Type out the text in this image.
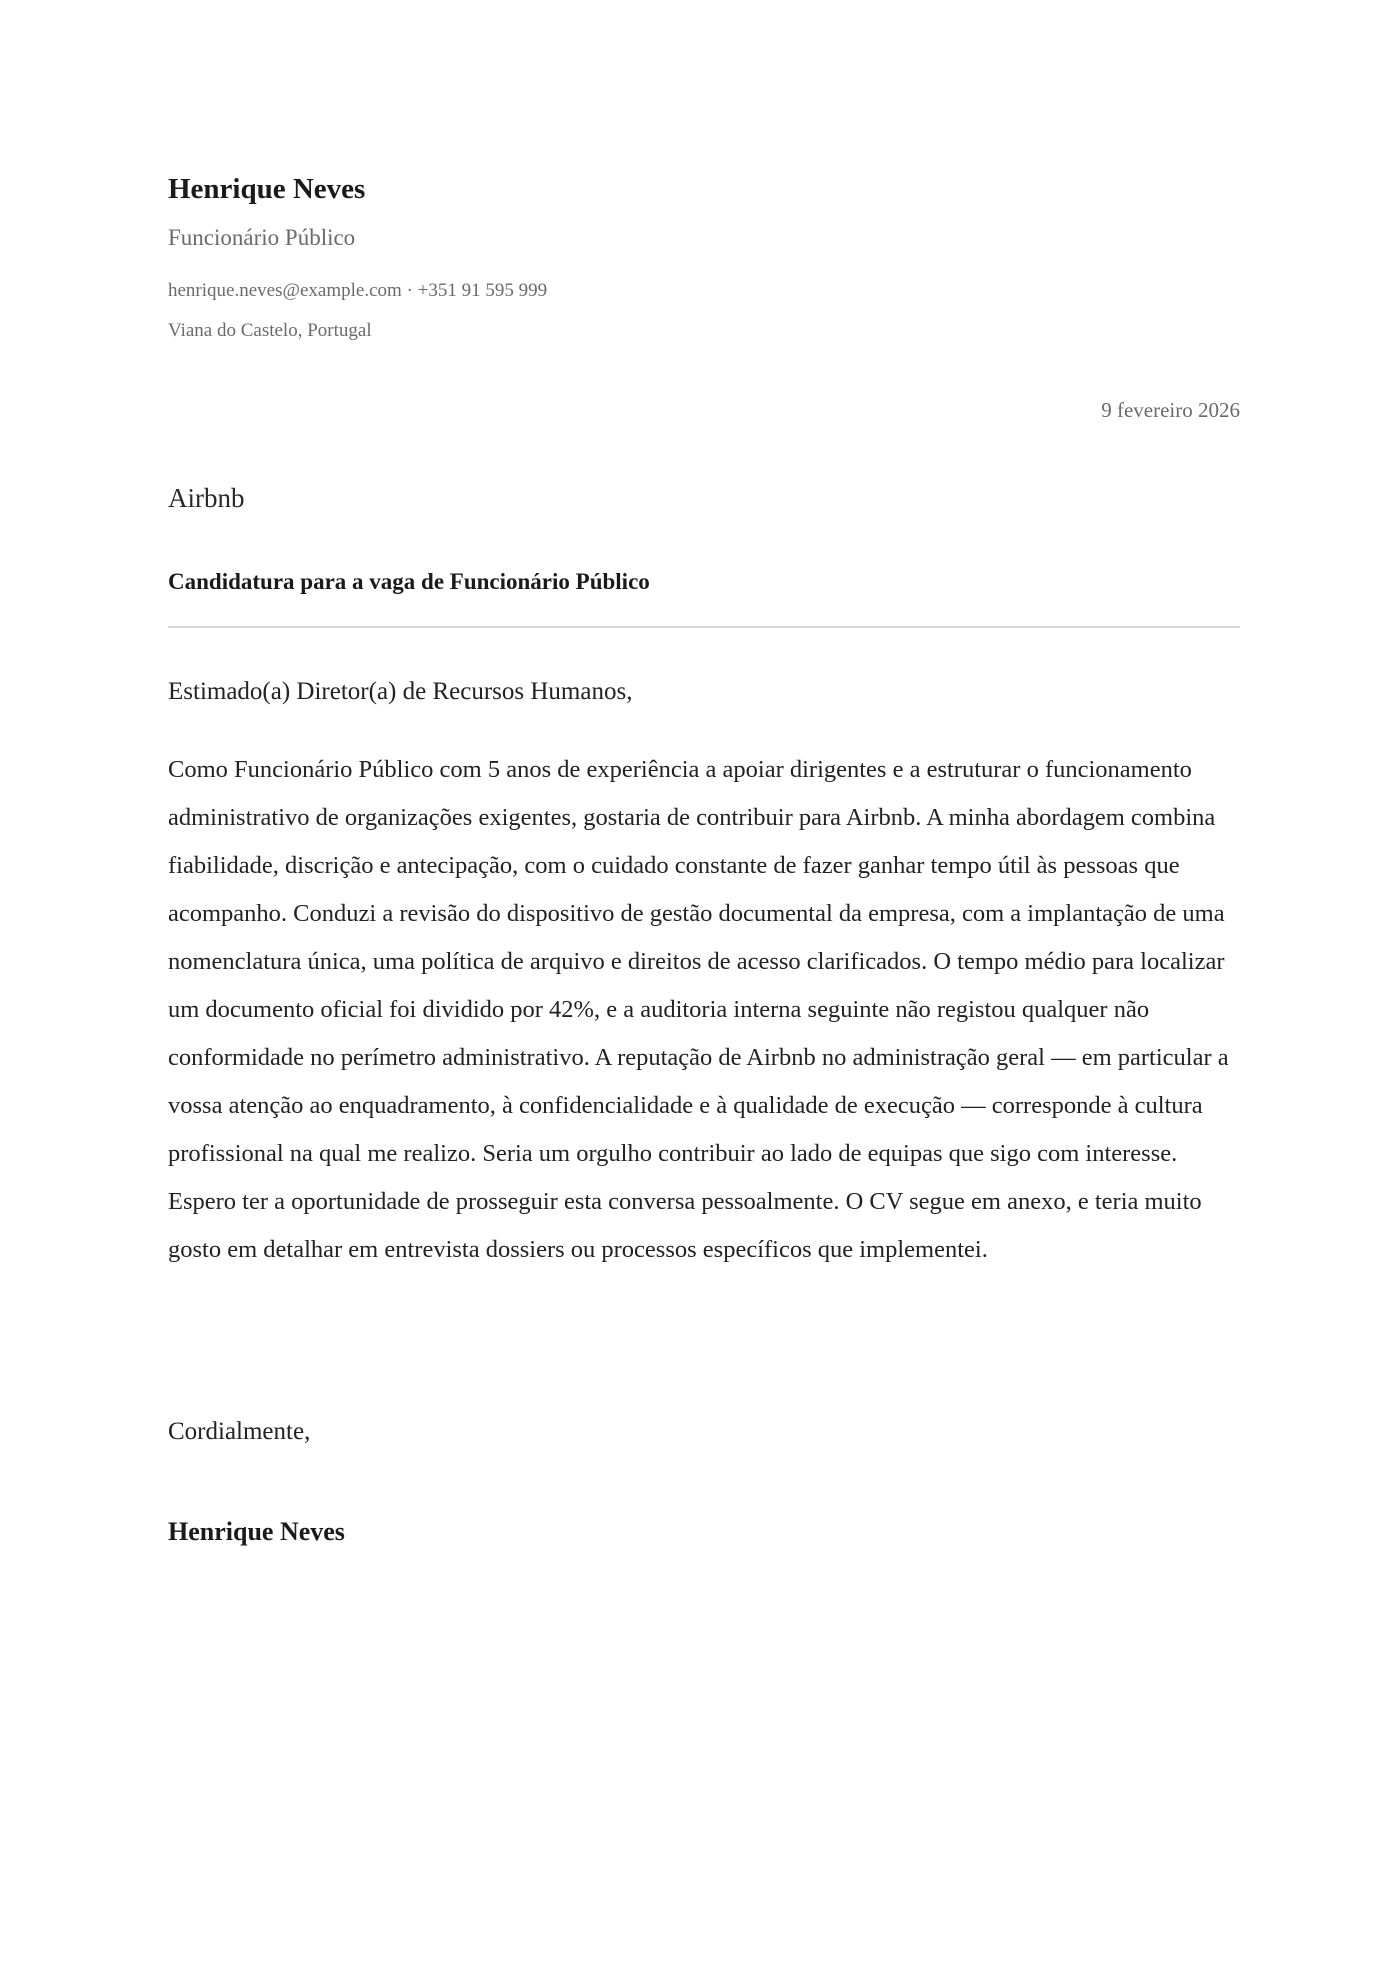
Henrique Neves
Funcionário Público
henrique.neves@example.com · +351 91 595 999
Viana do Castelo, Portugal
9 fevereiro 2026
Airbnb
Candidatura para a vaga de Funcionário Público
Estimado(a) Diretor(a) de Recursos Humanos,

Como Funcionário Público com 5 anos de experiência a apoiar dirigentes e a estruturar o funcionamento administrativo de organizações exigentes, gostaria de contribuir para Airbnb. A minha abordagem combina fiabilidade, discrição e antecipação, com o cuidado constante de fazer ganhar tempo útil às pessoas que acompanho. Conduzi a revisão do dispositivo de gestão documental da empresa, com a implantação de uma nomenclatura única, uma política de arquivo e direitos de acesso clarificados. O tempo médio para localizar um documento oficial foi dividido por 42%, e a auditoria interna seguinte não registou qualquer não conformidade no perímetro administrativo. A reputação de Airbnb no administração geral — em particular a vossa atenção ao enquadramento, à confidencialidade e à qualidade de execução — corresponde à cultura profissional na qual me realizo. Seria um orgulho contribuir ao lado de equipas que sigo com interesse. Espero ter a oportunidade de prosseguir esta conversa pessoalmente. O CV segue em anexo, e teria muito gosto em detalhar em entrevista dossiers ou processos específicos que implementei.

Cordialmente,
Henrique Neves
